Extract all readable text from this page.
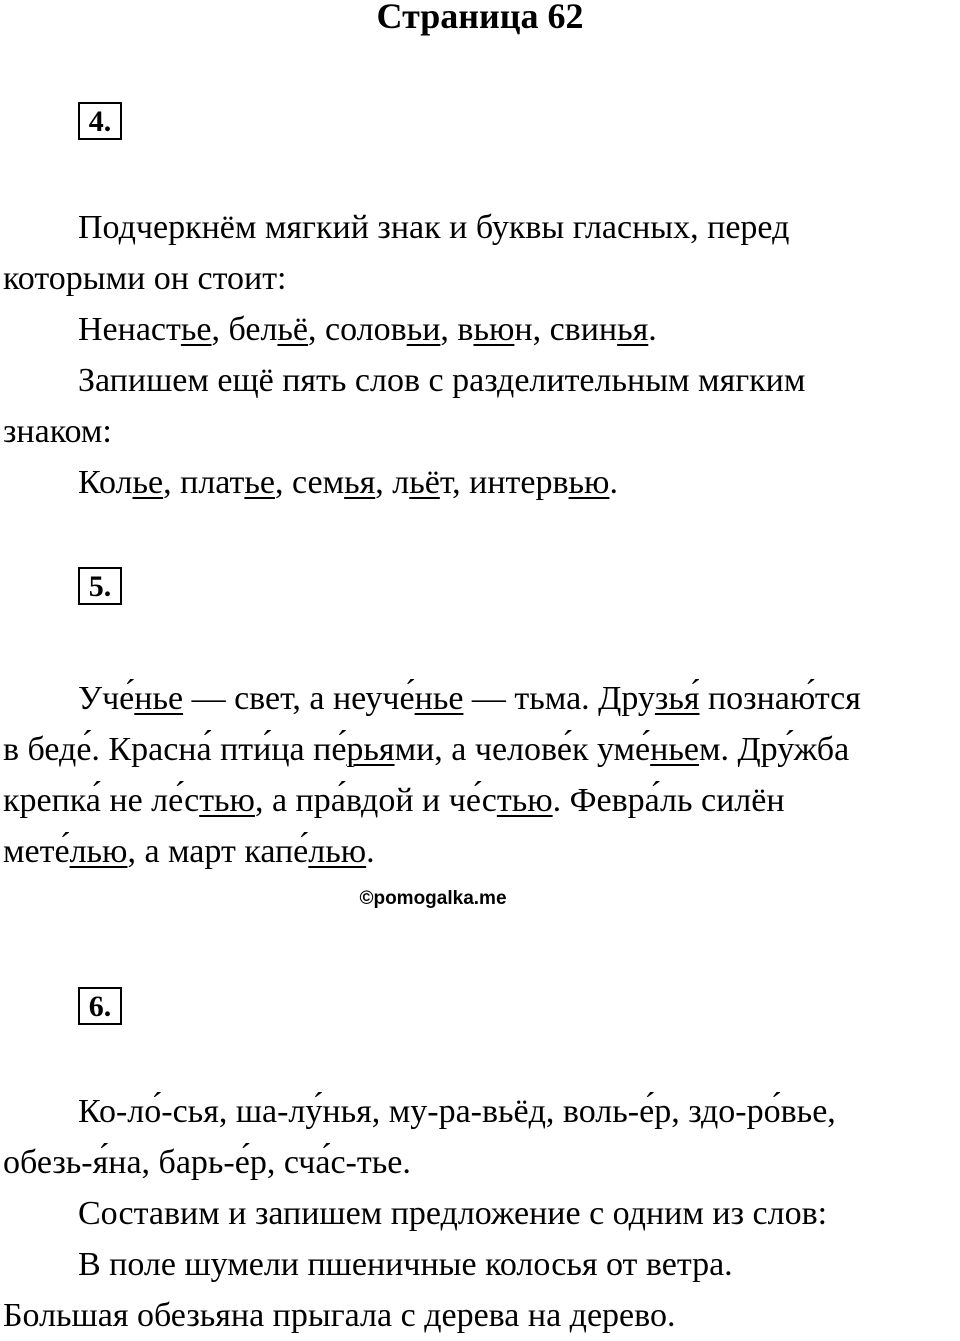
Страница 62
4.
Подчеркнём мягкий знак и буквы гласных, перед
которыми он стоит:
Ненастье, бельё, соловьи, вьюн, свинья.
Запишем ещё пять слов с разделительным мягким
знаком:
Колье, платье, семья, льёт, интервью.
5.
Уче́нье — свет, а неуче́нье — тьма. Друзья́ познаю́тся
в беде́. Красна́ пти́ца пе́рьями, а челове́к уме́ньем. Дру́жба
крепка́ не ле́стью, а пра́вдой и че́стью. Февра́ль силён
мете́лью, а март капе́лью.
©pomogalka.me
6.
Ко-ло́-сья, ша-лу́нья, му-ра-вьёд, воль-е́р, здо-ро́вье,
обезь-я́на, барь-е́р, сча́с-тье.
Составим и запишем предложение с одним из слов:
В поле шумели пшеничные колосья от ветра.
Большая обезьяна прыгала с дерева на дерево.
